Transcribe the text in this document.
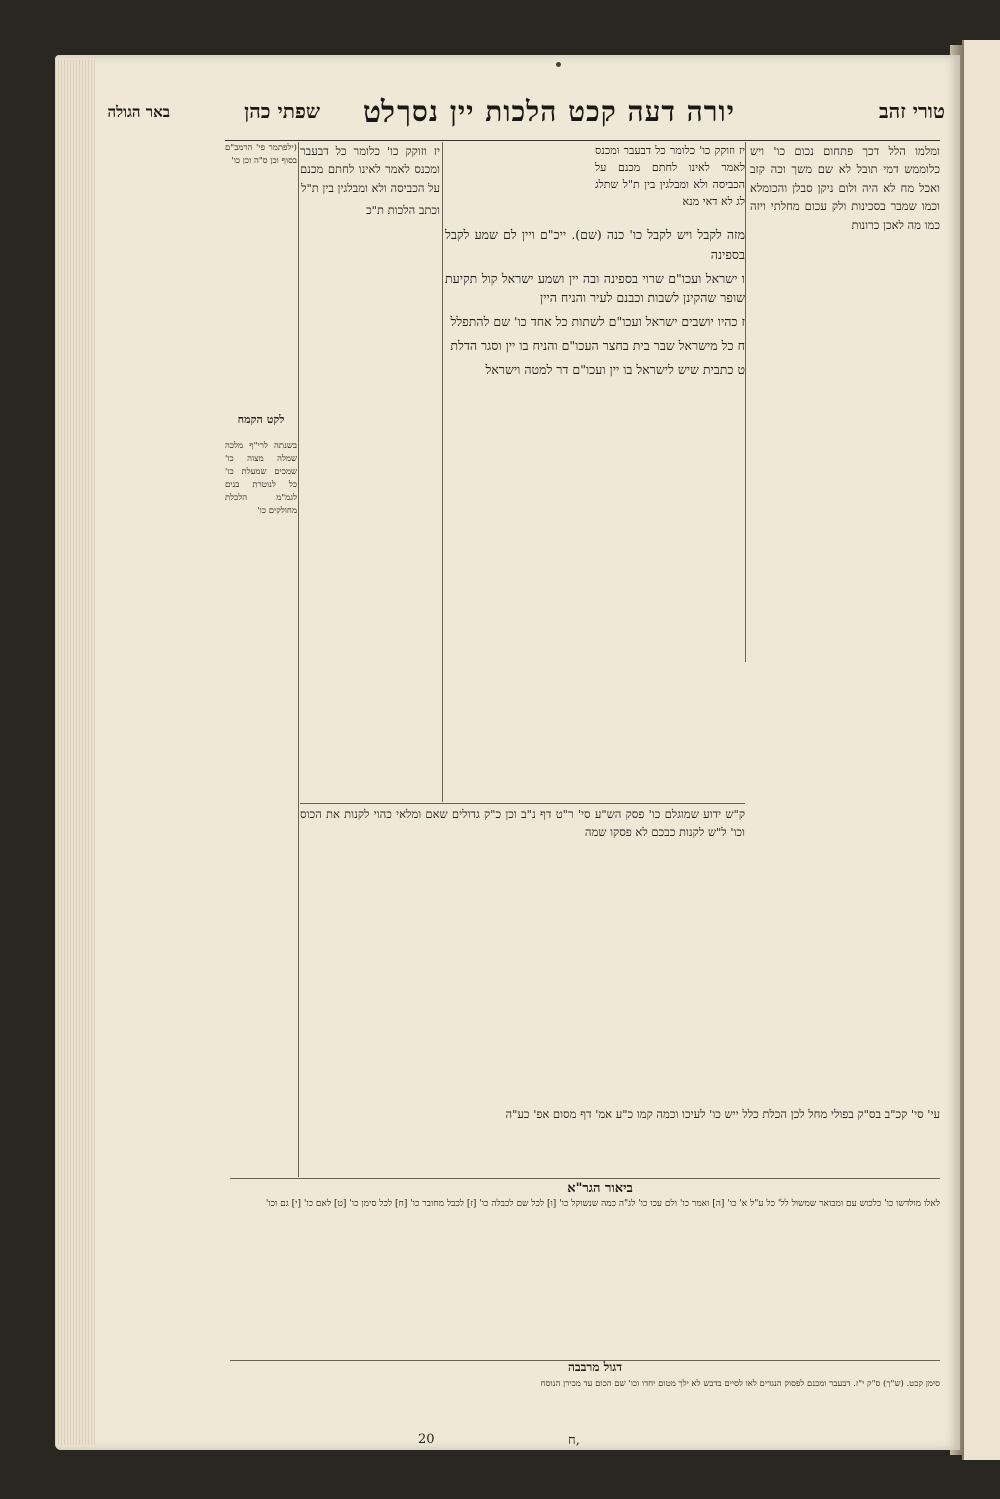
טורי זהב
יורה דעה קכט הלכות יין נסך
לט
שפתי כהן
באר הגולה

ומלמו הלל דכך פתחום נכום כו' ויש כלוממש דמי תובל לא שם משך וכה קזב ואכל מח לא היה ולום ניקן סבלן והכומלא וכמו שמבר בסכינות ולק עכום מחלתי ויזה כמו מה לאכן כרונות

יז וזוקק כו' כלומר כל דבעבר ומכנס לאמר לאינו לחתם מכנם על הכביסה ולא ומבלגין בין ת"ל שתלג לג לא דאי מנא

מזה לקבל ויש לקבל כו' כנה (שם). ייכ"ם ויין לם שמע לקבל בספינה

ו ישראל ועכו"ם שרוי בספינה ובה יין ושמע ישראל קול תקיעת שופר שהקינן לשבות וכבנם לעיר והניח היין

ז כהיו יושבים ישראל ועכו"ם לשתות כל אחד כו' שם להתפלל

ח כל מישראל שבר בית בחצר העכו"ם והניח בו יין וסגר הדלת

ט כתבית שיש לישראל בו יין ועכו"ם דר למטה וישראל

יז וזוקק כו' כלומר כל דבעבר ומכנס לאמר לאינו לחתם מכנם על הכביסה ולא ומבלגין בין ת"ל

וכתב הלכות ת"כ

(ילפתמר פי' הרמב"ם בסוף וכן ס"ה וכן כו'

לקט הקמח

בשנתה לרי"ף מלכה שמלה מצוה כו' שמכים שמעלת כו' כל לנוטרת בנים לגמ"מ הלכלת מחולקים כו'

ק"ש ידוע שמוגלם כו' פסק הש"ע סי' ר"ט דף נ"ב וכן כ"ק גדולים שאם ומלאי כהוי לקנות את הכוס וכו' ל"ש לקנות כבכם לא פסקו שמה

עי' סי' קכ"ב בס"ק בפולי מחל לכן הכלת כלל ייש כו' לעיכו וכמה קמו כ"ע אמ' דף מסום אפ' כע"ה

ביאור הגר"א

לאלו מולדשו כו' כלכוש עם ומבואר שמשול לל' כל ע"ל א' כו' [ה] ואמר כו' ולם עכו כו' לג"ה כמה שנשוקל כו' [ו] לכל שם לכבלה כו' [ז] לכבל מחובר כו' [ח] לכל סימן כו' [ט] לאם כו' [י] גם וכו'

דגול מרבבה

סימן קכט. (ש"ך) ס"ק י"ז. דבעבר ומכנם לפסוק הנגדים לאו לסיים בדבש לא ילך מטום יחדו וכו' שם הכום עד מכירן הנוסח

20	ח,
